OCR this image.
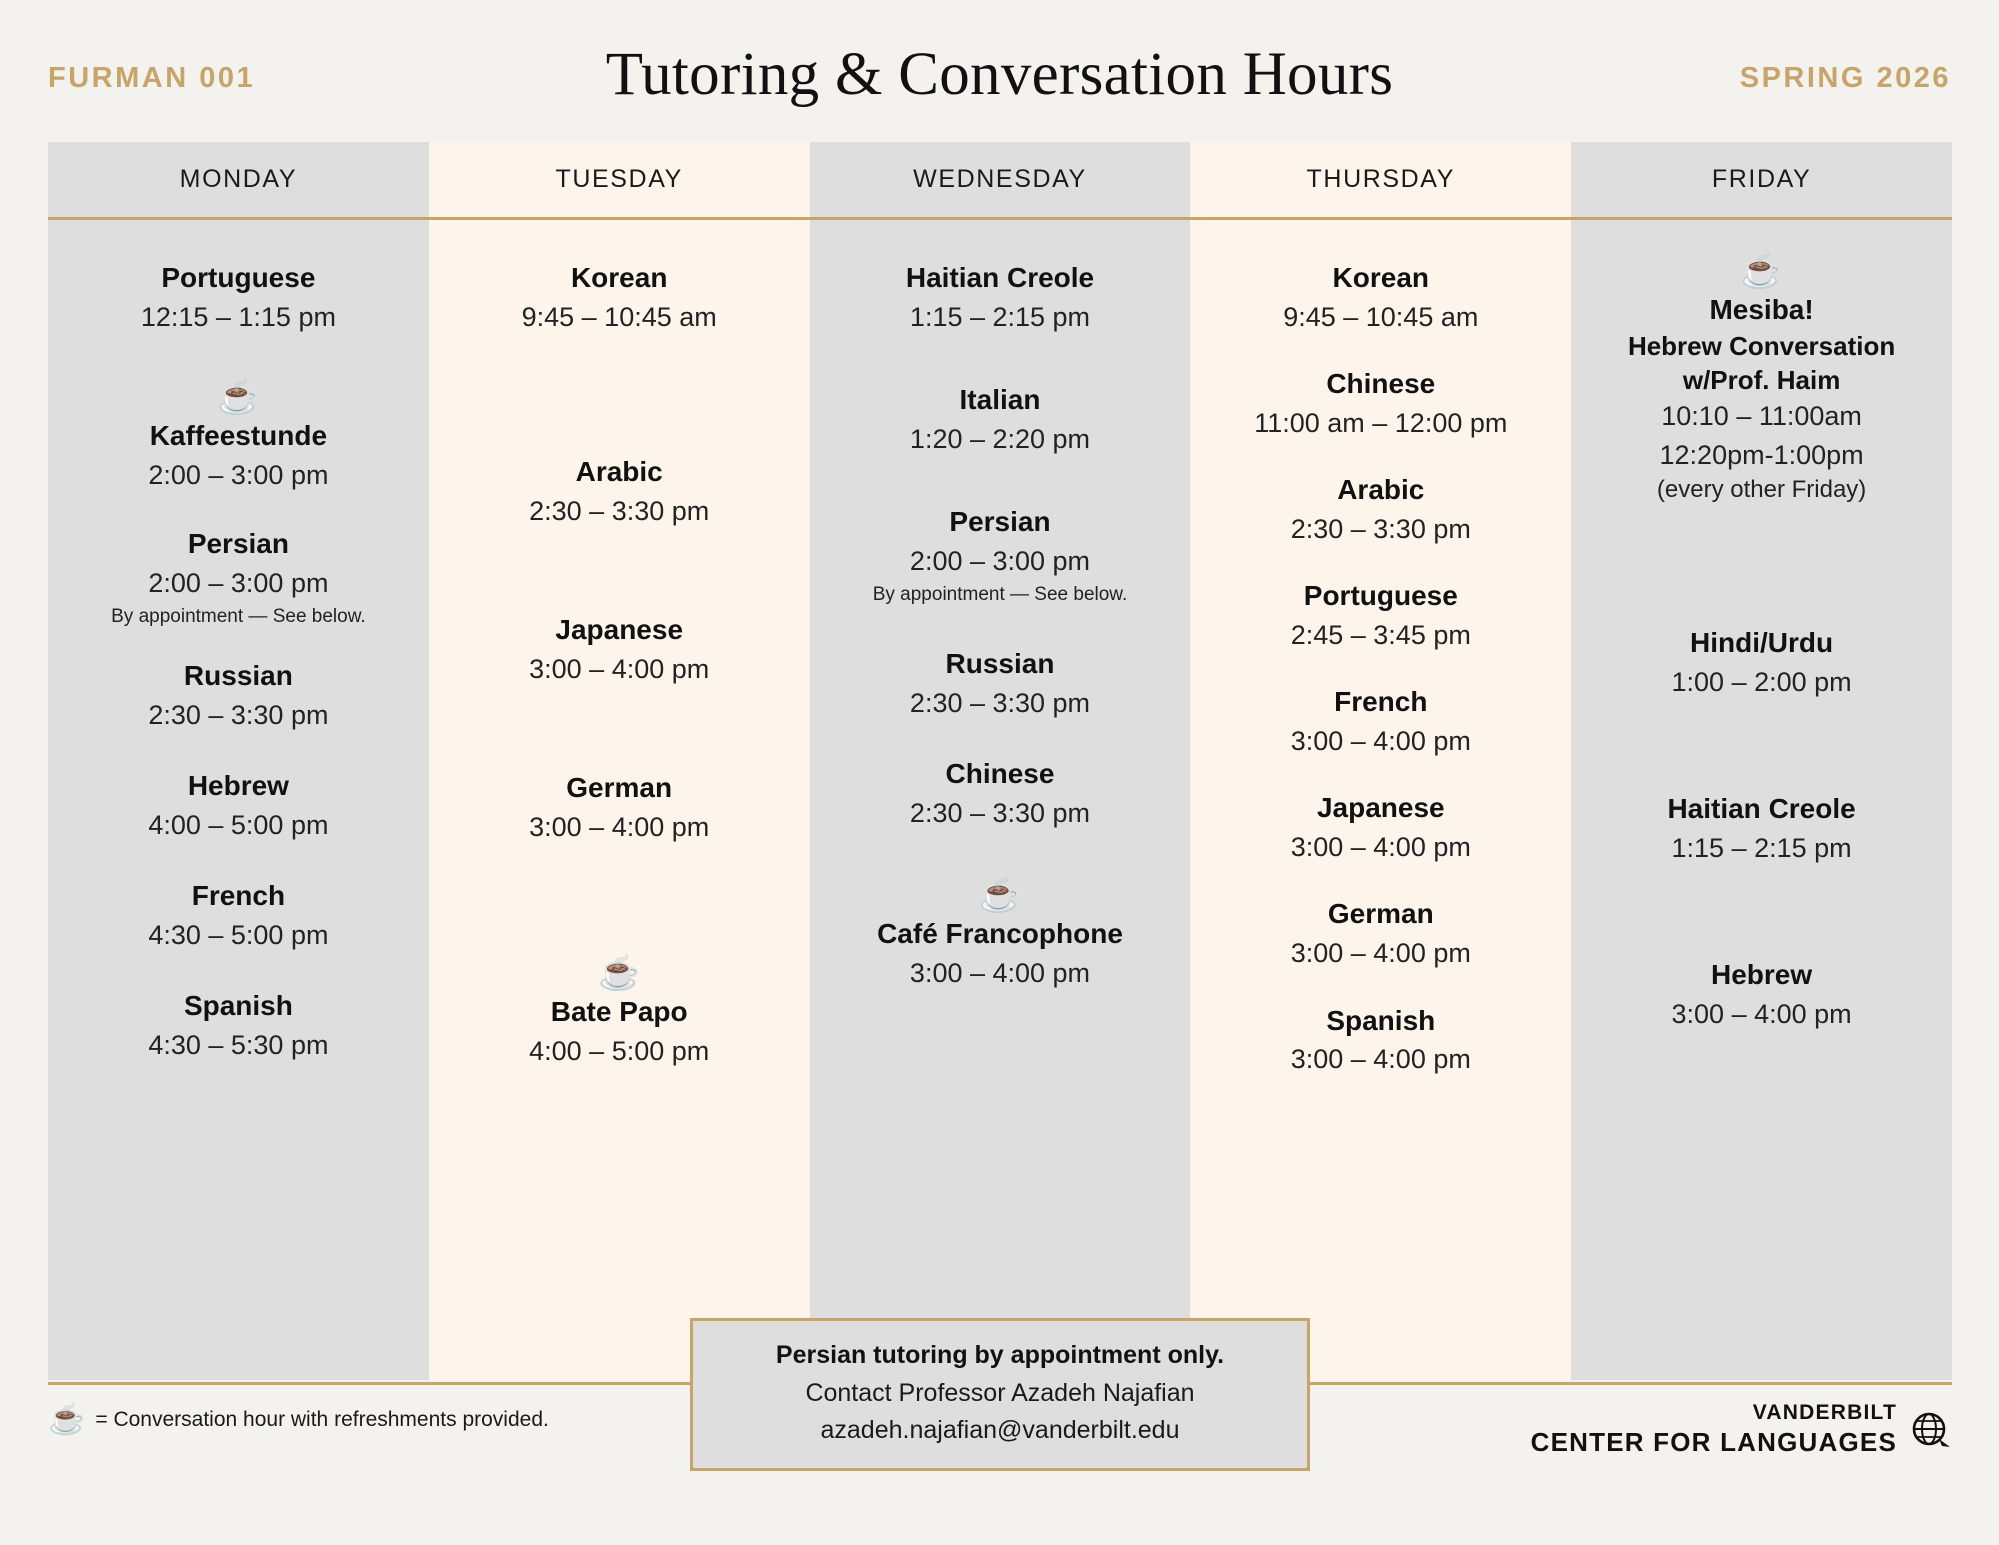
FURMAN 001	Tutoring & Conversation Hours	SPRING 2026
MONDAY
Portuguese
12:15 – 1:15 pm
☕
Kaffeestunde
2:00 – 3:00 pm
Persian
2:00 – 3:00 pm
By appointment — See below.
Russian
2:30 – 3:30 pm
Hebrew
4:00 – 5:00 pm
French
4:30 – 5:00 pm
Spanish
4:30 – 5:30 pm
TUESDAY
Korean
9:45 – 10:45 am
Arabic
2:30 – 3:30 pm
Japanese
3:00 – 4:00 pm
German
3:00 – 4:00 pm
☕
Bate Papo
4:00 – 5:00 pm
WEDNESDAY
Haitian Creole
1:15 – 2:15 pm
Italian
1:20 – 2:20 pm
Persian
2:00 – 3:00 pm
By appointment — See below.
Russian
2:30 – 3:30 pm
Chinese
2:30 – 3:30 pm
☕
Café Francophone
3:00 – 4:00 pm
THURSDAY
Korean
9:45 – 10:45 am
Chinese
11:00 am – 12:00 pm
Arabic
2:30 – 3:30 pm
Portuguese
2:45 – 3:45 pm
French
3:00 – 4:00 pm
Japanese
3:00 – 4:00 pm
German
3:00 – 4:00 pm
Spanish
3:00 – 4:00 pm
FRIDAY
☕
Mesiba!
Hebrew Conversation
w/Prof. Haim
10:10 – 11:00am
12:20pm-1:00pm
(every other Friday)
Hindi/Urdu
1:00 – 2:00 pm
Haitian Creole
1:15 – 2:15 pm
Hebrew
3:00 – 4:00 pm
☕ = Conversation hour with refreshments provided.
Persian tutoring by appointment only.
Contact Professor Azadeh Najafian
azadeh.najafian@vanderbilt.edu
VANDERBILT
CENTER FOR LANGUAGES
